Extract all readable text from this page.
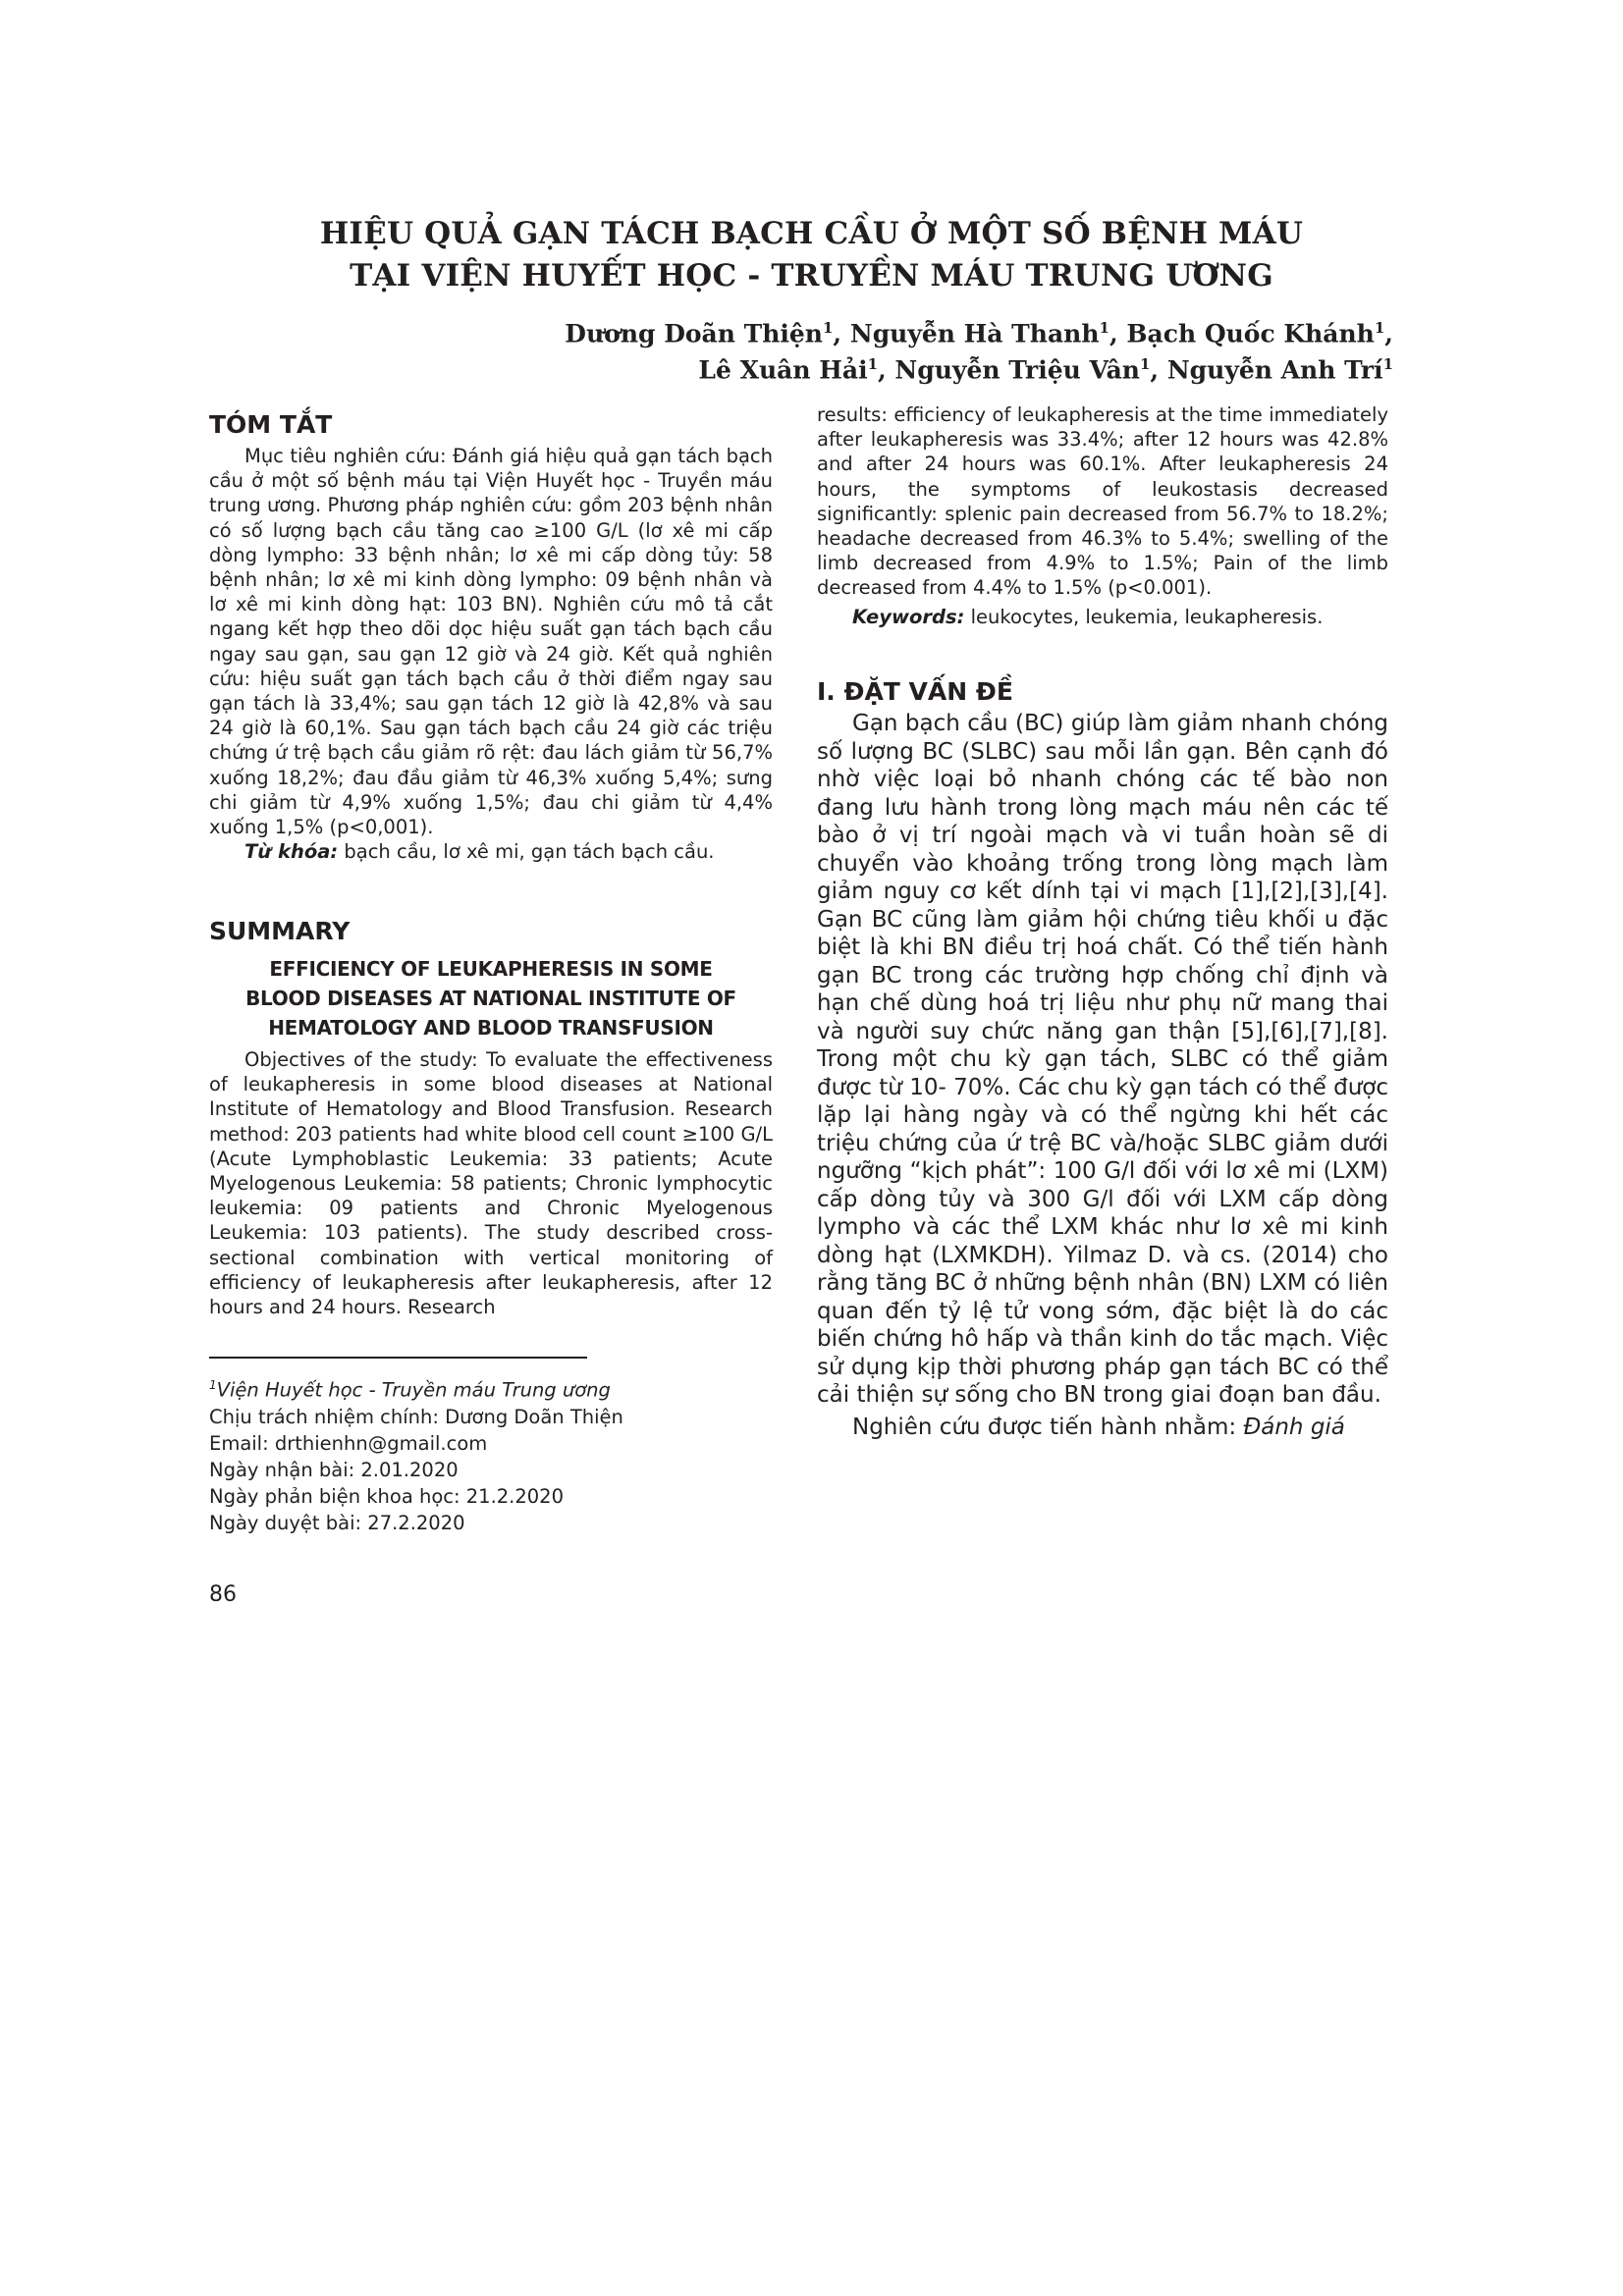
HIỆU QUẢ GẠN TÁCH BẠCH CẦU Ở MỘT SỐ BỆNH MÁU
TẠI VIỆN HUYẾT HỌC - TRUYỀN MÁU TRUNG ƯƠNG
Dương Doãn Thiện$^1$, Nguyễn Hà Thanh$^1$, Bạch Quốc Khánh$^1$,
Lê Xuân Hải$^1$, Nguyễn Triệu Vân$^1$, Nguyễn Anh Trí$^1$
TÓM TẮT

Mục tiêu nghiên cứu: Đánh giá hiệu quả gạn tách bạch cầu ở một số bệnh máu tại Viện Huyết học - Truyền máu trung ương. Phương pháp nghiên cứu: gồm 203 bệnh nhân có số lượng bạch cầu tăng cao ≥100 G/L (lơ xê mi cấp dòng lympho: 33 bệnh nhân; lơ xê mi cấp dòng tủy: 58 bệnh nhân; lơ xê mi kinh dòng lympho: 09 bệnh nhân và lơ xê mi kinh dòng hạt: 103 BN). Nghiên cứu mô tả cắt ngang kết hợp theo dõi dọc hiệu suất gạn tách bạch cầu ngay sau gạn, sau gạn 12 giờ và 24 giờ. Kết quả nghiên cứu: hiệu suất gạn tách bạch cầu ở thời điểm ngay sau gạn tách là 33,4%; sau gạn tách 12 giờ là 42,8% và sau 24 giờ là 60,1%. Sau gạn tách bạch cầu 24 giờ các triệu chứng ứ trệ bạch cầu giảm rõ rệt: đau lách giảm từ 56,7% xuống 18,2%; đau đầu giảm từ 46,3% xuống 5,4%; sưng chi giảm từ 4,9% xuống 1,5%; đau chi giảm từ 4,4% xuống 1,5% (p<0,001).

Từ khóa: bạch cầu, lơ xê mi, gạn tách bạch cầu.

SUMMARY
EFFICIENCY OF LEUKAPHERESIS IN SOME
BLOOD DISEASES AT NATIONAL INSTITUTE OF
HEMATOLOGY AND BLOOD TRANSFUSION

Objectives of the study: To evaluate the effectiveness of leukapheresis in some blood diseases at National Institute of Hematology and Blood Transfusion. Research method: 203 patients had white blood cell count ≥100 G/L (Acute Lymphoblastic Leukemia: 33 patients; Acute Myelogenous Leukemia: 58 patients; Chronic lymphocytic leukemia: 09 patients and Chronic Myelogenous Leukemia: 103 patients). The study described cross-sectional combination with vertical monitoring of efficiency of leukapheresis after leukapheresis, after 12 hours and 24 hours. Research

$^1$Viện Huyết học - Truyền máu Trung ương
Chịu trách nhiệm chính: Dương Doãn Thiện
Email: drthienhn@gmail.com
Ngày nhận bài: 2.01.2020
Ngày phản biện khoa học: 21.2.2020
Ngày duyệt bài: 27.2.2020
86

results: efficiency of leukapheresis at the time immediately after leukapheresis was 33.4%; after 12 hours was 42.8% and after 24 hours was 60.1%. After leukapheresis 24 hours, the symptoms of leukostasis decreased significantly: splenic pain decreased from 56.7% to 18.2%; headache decreased from 46.3% to 5.4%; swelling of the limb decreased from 4.9% to 1.5%; Pain of the limb decreased from 4.4% to 1.5% (p<0.001).

Keywords: leukocytes, leukemia, leukapheresis.

I. ĐẶT VẤN ĐỀ

Gạn bạch cầu (BC) giúp làm giảm nhanh chóng số lượng BC (SLBC) sau mỗi lần gạn. Bên cạnh đó nhờ việc loại bỏ nhanh chóng các tế bào non đang lưu hành trong lòng mạch máu nên các tế bào ở vị trí ngoài mạch và vi tuần hoàn sẽ di chuyển vào khoảng trống trong lòng mạch làm giảm nguy cơ kết dính tại vi mạch [1],[2],[3],[4]. Gạn BC cũng làm giảm hội chứng tiêu khối u đặc biệt là khi BN điều trị hoá chất. Có thể tiến hành gạn BC trong các trường hợp chống chỉ định và hạn chế dùng hoá trị liệu như phụ nữ mang thai và người suy chức năng gan thận [5],[6],[7],[8]. Trong một chu kỳ gạn tách, SLBC có thể giảm được từ 10- 70%. Các chu kỳ gạn tách có thể được lặp lại hàng ngày và có thể ngừng khi hết các triệu chứng của ứ trệ BC và/hoặc SLBC giảm dưới ngưỡng “kịch phát”: 100 G/l đối với lơ xê mi (LXM) cấp dòng tủy và 300 G/l đối với LXM cấp dòng lympho và các thể LXM khác như lơ xê mi kinh dòng hạt (LXMKDH). Yilmaz D. và cs. (2014) cho rằng tăng BC ở những bệnh nhân (BN) LXM có liên quan đến tỷ lệ tử vong sớm, đặc biệt là do các biến chứng hô hấp và thần kinh do tắc mạch. Việc sử dụng kịp thời phương pháp gạn tách BC có thể cải thiện sự sống cho BN trong giai đoạn ban đầu.

Nghiên cứu được tiến hành nhằm: Đánh giá
